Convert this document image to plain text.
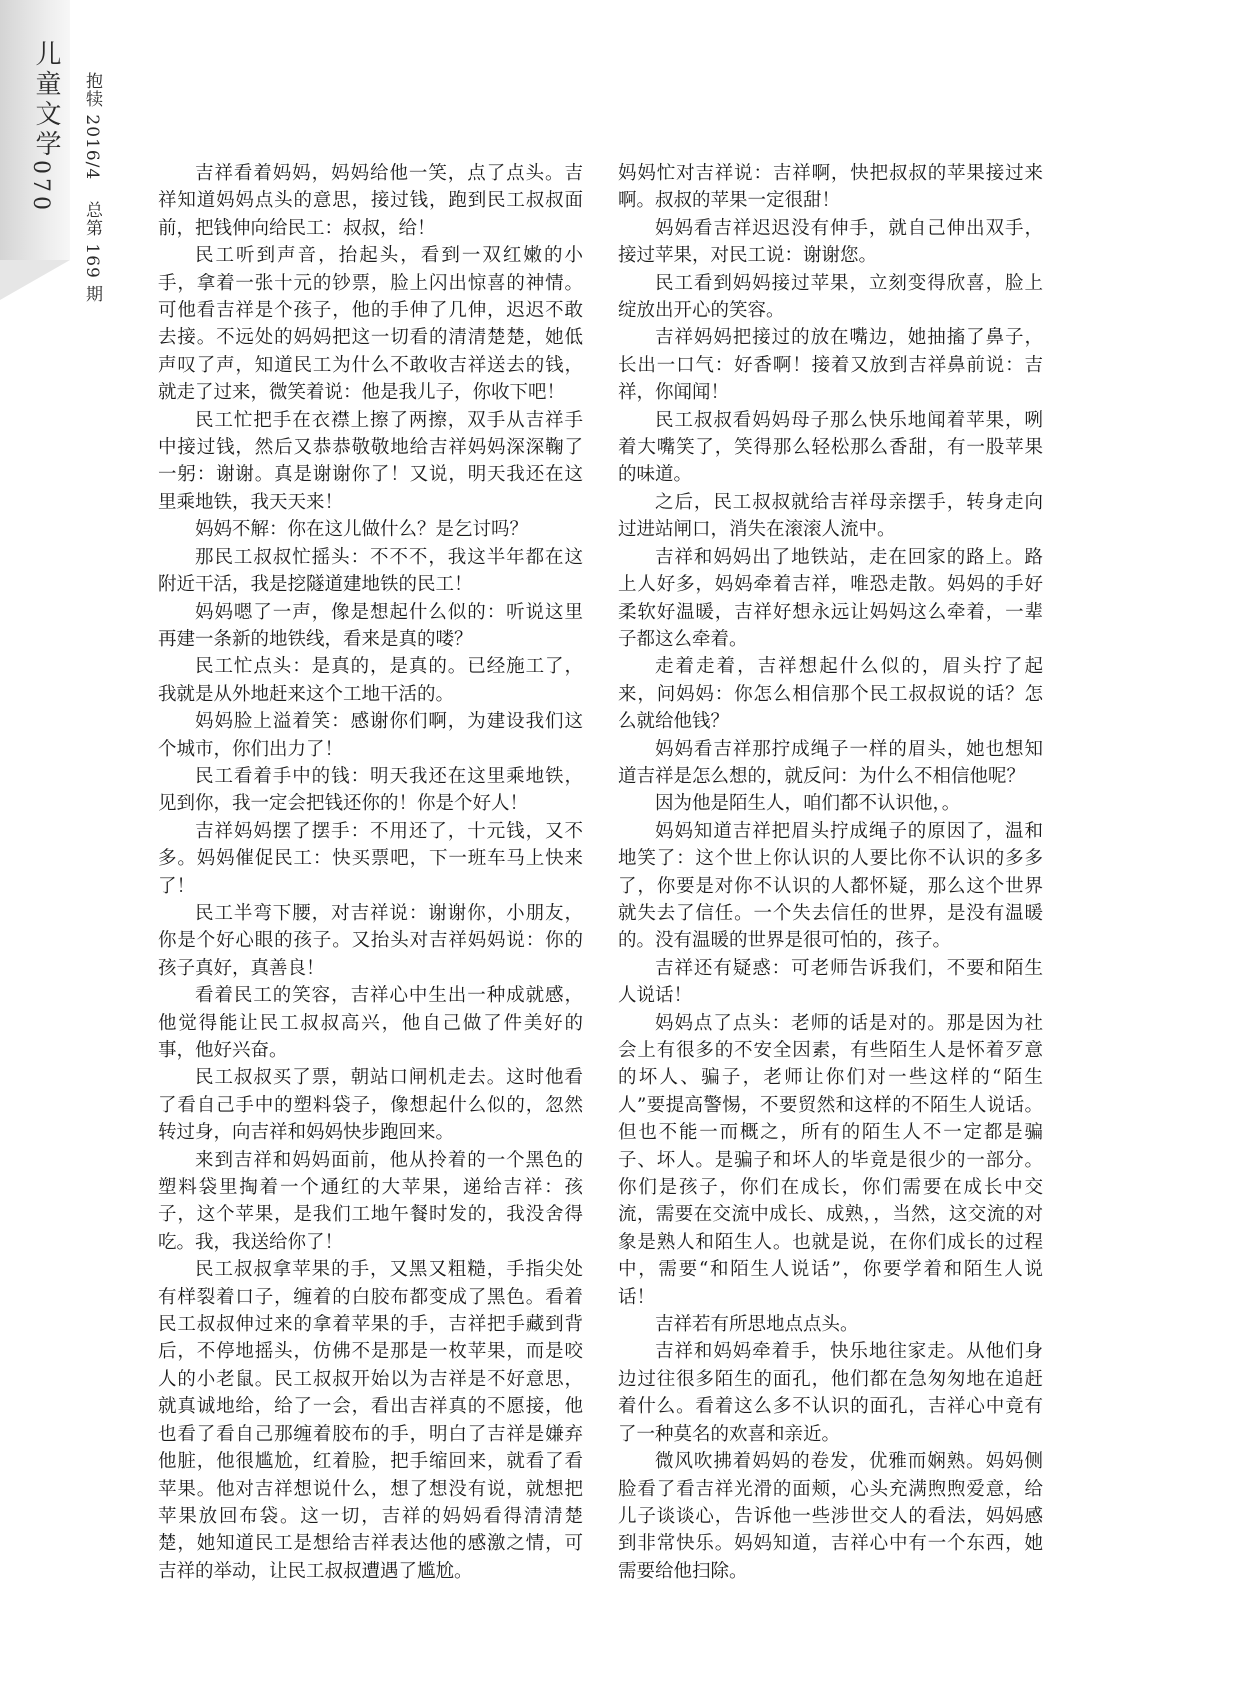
儿童文学
070
抱犊 2016/4 总第 169 期

吉祥看着妈妈，妈妈给他一笑，点了点头。吉祥知道妈妈点头的意思，接过钱，跑到民工叔叔面前，把钱伸向给民工：叔叔，给！

民工听到声音，抬起头，看到一双红嫩的小手，拿着一张十元的钞票，脸上闪出惊喜的神情。可他看吉祥是个孩子，他的手伸了几伸，迟迟不敢去接。不远处的妈妈把这一切看的清清楚楚，她低声叹了声，知道民工为什么不敢收吉祥送去的钱，就走了过来，微笑着说：他是我儿子，你收下吧！

民工忙把手在衣襟上擦了两擦，双手从吉祥手中接过钱，然后又恭恭敬敬地给吉祥妈妈深深鞠了一躬：谢谢。真是谢谢你了！又说，明天我还在这里乘地铁，我天天来！

妈妈不解：你在这儿做什么？是乞讨吗？

那民工叔叔忙摇头：不不不，我这半年都在这附近干活，我是挖隧道建地铁的民工！

妈妈嗯了一声，像是想起什么似的：听说这里再建一条新的地铁线，看来是真的喽？

民工忙点头：是真的，是真的。已经施工了，我就是从外地赶来这个工地干活的。

妈妈脸上溢着笑：感谢你们啊，为建设我们这个城市，你们出力了！

民工看着手中的钱：明天我还在这里乘地铁，见到你，我一定会把钱还你的！你是个好人！

吉祥妈妈摆了摆手：不用还了，十元钱，又不多。妈妈催促民工：快买票吧，下一班车马上快来了！

民工半弯下腰，对吉祥说：谢谢你，小朋友，你是个好心眼的孩子。又抬头对吉祥妈妈说：你的孩子真好，真善良！

看着民工的笑容，吉祥心中生出一种成就感，他觉得能让民工叔叔高兴，他自己做了件美好的事，他好兴奋。

民工叔叔买了票，朝站口闸机走去。这时他看了看自己手中的塑料袋子，像想起什么似的，忽然转过身，向吉祥和妈妈快步跑回来。

来到吉祥和妈妈面前，他从拎着的一个黑色的塑料袋里掏着一个通红的大苹果，递给吉祥：孩子，这个苹果，是我们工地午餐时发的，我没舍得吃。我，我送给你了！

民工叔叔拿苹果的手，又黑又粗糙，手指尖处有样裂着口子，缠着的白胶布都变成了黑色。看着民工叔叔伸过来的拿着苹果的手，吉祥把手藏到背后，不停地摇头，仿佛不是那是一枚苹果，而是咬人的小老鼠。民工叔叔开始以为吉祥是不好意思，就真诚地给，给了一会，看出吉祥真的不愿接，他也看了看自己那缠着胶布的手，明白了吉祥是嫌弃他脏，他很尴尬，红着脸，把手缩回来，就看了看苹果。他对吉祥想说什么，想了想没有说，就想把苹果放回布袋。这一切，吉祥的妈妈看得清清楚楚，她知道民工是想给吉祥表达他的感激之情，可吉祥的举动，让民工叔叔遭遇了尴尬。

妈妈忙对吉祥说：吉祥啊，快把叔叔的苹果接过来啊。叔叔的苹果一定很甜！

妈妈看吉祥迟迟没有伸手，就自己伸出双手，接过苹果，对民工说：谢谢您。

民工看到妈妈接过苹果，立刻变得欣喜，脸上绽放出开心的笑容。

吉祥妈妈把接过的放在嘴边，她抽搐了鼻子，长出一口气：好香啊！接着又放到吉祥鼻前说：吉祥，你闻闻！

民工叔叔看妈妈母子那么快乐地闻着苹果，咧着大嘴笑了，笑得那么轻松那么香甜，有一股苹果的味道。

之后，民工叔叔就给吉祥母亲摆手，转身走向过进站闸口，消失在滚滚人流中。

吉祥和妈妈出了地铁站，走在回家的路上。路上人好多，妈妈牵着吉祥，唯恐走散。妈妈的手好柔软好温暖，吉祥好想永远让妈妈这么牵着，一辈子都这么牵着。

走着走着，吉祥想起什么似的，眉头拧了起来，问妈妈：你怎么相信那个民工叔叔说的话？怎么就给他钱？

妈妈看吉祥那拧成绳子一样的眉头，她也想知道吉祥是怎么想的，就反问：为什么不相信他呢？

因为他是陌生人，咱们都不认识他，。

妈妈知道吉祥把眉头拧成绳子的原因了，温和地笑了：这个世上你认识的人要比你不认识的多多了，你要是对你不认识的人都怀疑，那么这个世界就失去了信任。一个失去信任的世界，是没有温暖的。没有温暖的世界是很可怕的，孩子。

吉祥还有疑惑：可老师告诉我们，不要和陌生人说话！

妈妈点了点头：老师的话是对的。那是因为社会上有很多的不安全因素，有些陌生人是怀着歹意的坏人、骗子，老师让你们对一些这样的“陌生人”要提高警惕，不要贸然和这样的不陌生人说话。但也不能一而概之，所有的陌生人不一定都是骗子、坏人。是骗子和坏人的毕竟是很少的一部分。你们是孩子，你们在成长，你们需要在成长中交流，需要在交流中成长、成熟，，当然，这交流的对象是熟人和陌生人。也就是说，在你们成长的过程中，需要“和陌生人说话”，你要学着和陌生人说话！

吉祥若有所思地点点头。

吉祥和妈妈牵着手，快乐地往家走。从他们身边过往很多陌生的面孔，他们都在急匆匆地在追赶着什么。看着这么多不认识的面孔，吉祥心中竟有了一种莫名的欢喜和亲近。

微风吹拂着妈妈的卷发，优雅而娴熟。妈妈侧脸看了看吉祥光滑的面颊，心头充满煦煦爱意，给儿子谈谈心，告诉他一些涉世交人的看法，妈妈感到非常快乐。妈妈知道，吉祥心中有一个东西，她需要给他扫除。
